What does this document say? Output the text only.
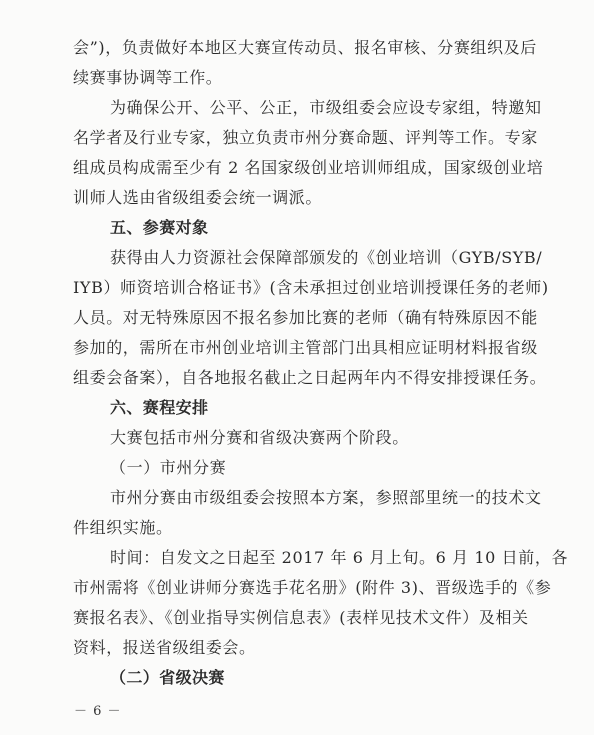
会”)，负责做好本地区大赛宣传动员、报名审核、分赛组织及后
续赛事协调等工作。
为确保公开、公平、公正，市级组委会应设专家组，特邀知
名学者及行业专家，独立负责市州分赛命题、评判等工作。专家
组成员构成需至少有 2 名国家级创业培训师组成，国家级创业培
训师人选由省级组委会统一调派。
五、参赛对象
获得由人力资源社会保障部颁发的《创业培训（GYB/SYB/
IYB）师资培训合格证书》(含未承担过创业培训授课任务的老师)
人员。对无特殊原因不报名参加比赛的老师（确有特殊原因不能
参加的，需所在市州创业培训主管部门出具相应证明材料报省级
组委会备案），自各地报名截止之日起两年内不得安排授课任务。
六、赛程安排
大赛包括市州分赛和省级决赛两个阶段。
（一）市州分赛
市州分赛由市级组委会按照本方案，参照部里统一的技术文
件组织实施。
时间：自发文之日起至 2017 年 6 月上旬。6 月 10 日前，各
市州需将《创业讲师分赛选手花名册》(附件 3)、晋级选手的《参
赛报名表》、《创业指导实例信息表》(表样见技术文件）及相关
资料，报送省级组委会。
（二）省级决赛
－ 6 －
